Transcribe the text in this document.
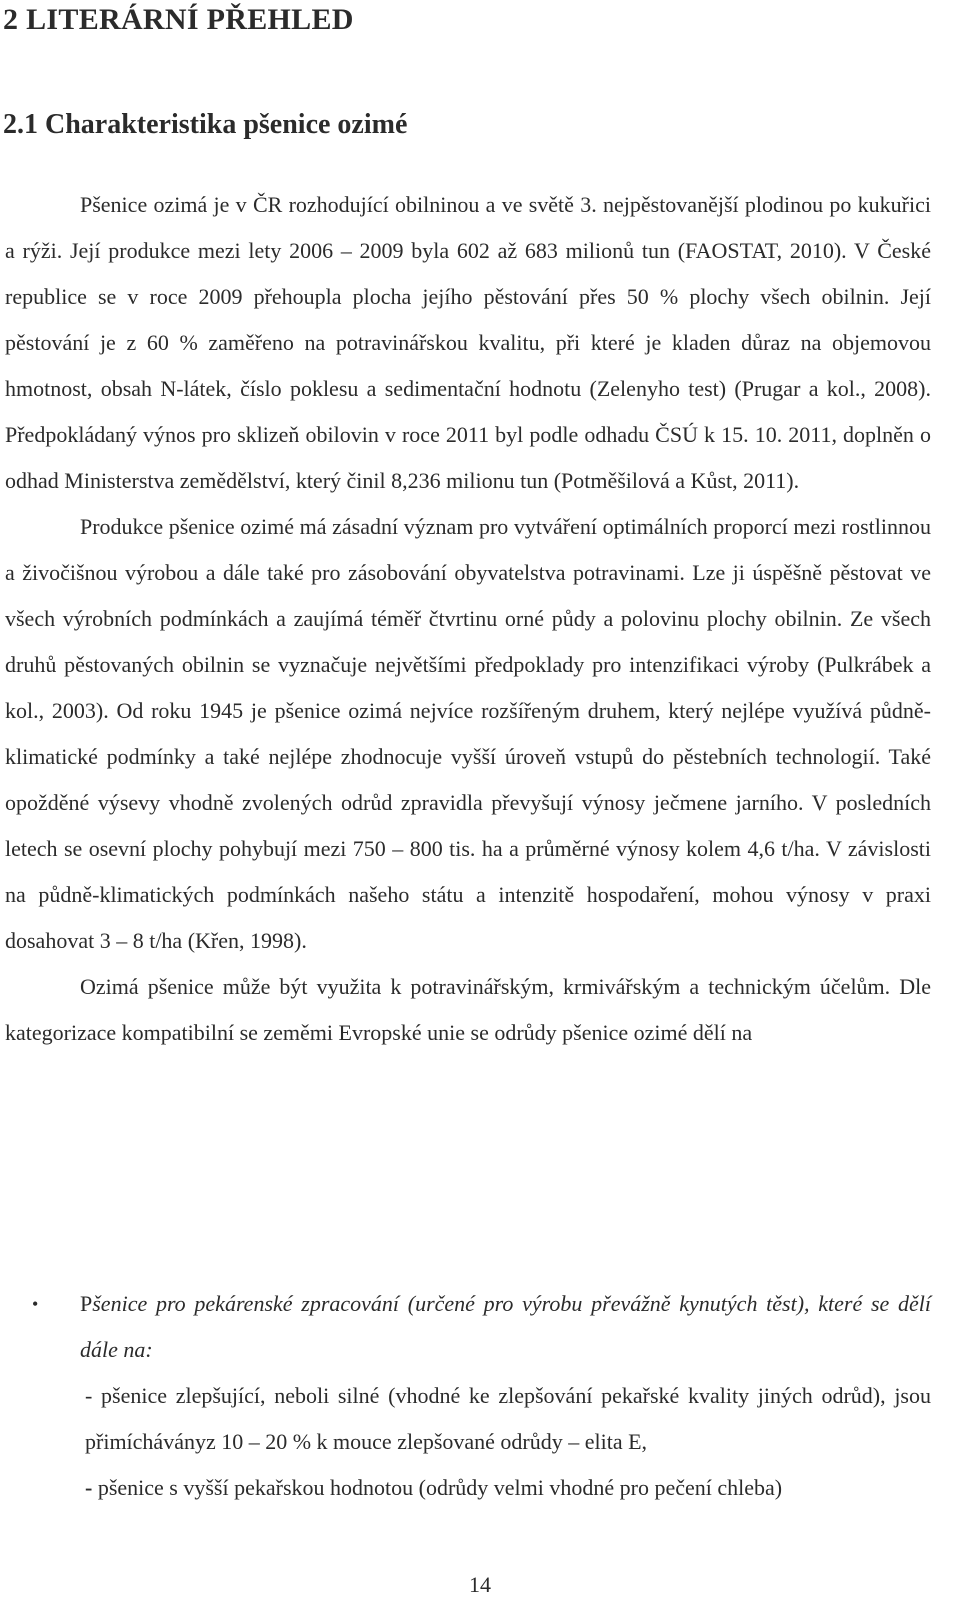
2 LITERÁRNÍ PŘEHLED
2.1 Charakteristika pšenice ozimé

Pšenice ozimá je v ČR rozhodující obilninou a ve světě 3. nejpěstovanější plodinou po kukuřici a rýži. Její produkce mezi lety 2006 – 2009 byla 602 až 683 milionů tun (FAOSTAT, 2010). V České republice se v roce 2009 přehoupla plocha jejího pěstování přes 50 % plochy všech obilnin. Její pěstování je z 60 % zaměřeno na potravinářskou kvalitu, při které je kladen důraz na objemovou hmotnost, obsah N-látek, číslo poklesu a sedimentační hodnotu (Zelenyho test) (Prugar a kol., 2008). Předpokládaný výnos pro sklizeň obilovin v roce 2011 byl podle odhadu ČSÚ k 15. 10. 2011, doplněn o odhad Ministerstva zemědělství, který činil 8,236 milionu tun (Potměšilová a Kůst, 2011).

Produkce pšenice ozimé má zásadní význam pro vytváření optimálních proporcí mezi rostlinnou a živočišnou výrobou a dále také pro zásobování obyvatelstva potravinami. Lze ji úspěšně pěstovat ve všech výrobních podmínkách a zaujímá téměř čtvrtinu orné půdy a polovinu plochy obilnin. Ze všech druhů pěstovaných obilnin se vyznačuje největšími předpoklady pro intenzifikaci výroby (Pulkrábek a kol., 2003). Od roku 1945 je pšenice ozimá nejvíce rozšířeným druhem, který nejlépe využívá půdně-klimatické podmínky a také nejlépe zhodnocuje vyšší úroveň vstupů do pěstebních technologií. Také opožděné výsevy vhodně zvolených odrůd zpravidla převyšují výnosy ječmene jarního. V posledních letech se osevní plochy pohybují mezi 750 – 800 tis. ha a průměrné výnosy kolem 4,6 t/ha. V závislosti na půdně-klimatických podmínkách našeho státu a intenzitě hospodaření, mohou výnosy v praxi dosahovat 3 – 8 t/ha (Křen, 1998).

Ozimá pšenice může být využita k potravinářským, krmivářským a technickým účelům. Dle kategorizace kompatibilní se zeměmi Evropské unie se odrůdy pšenice ozimé dělí na

• Pšenice pro pekárenské zpracování (určené pro výrobu převážně kynutých těst), které se dělí dále na:
- pšenice zlepšující, neboli silné (vhodné ke zlepšování pekařské kvality jiných odrůd), jsou přimícháványz 10 – 20 % k mouce zlepšované odrůdy – elita E,
- pšenice s vyšší pekařskou hodnotou (odrůdy velmi vhodné pro pečení chleba)
14
